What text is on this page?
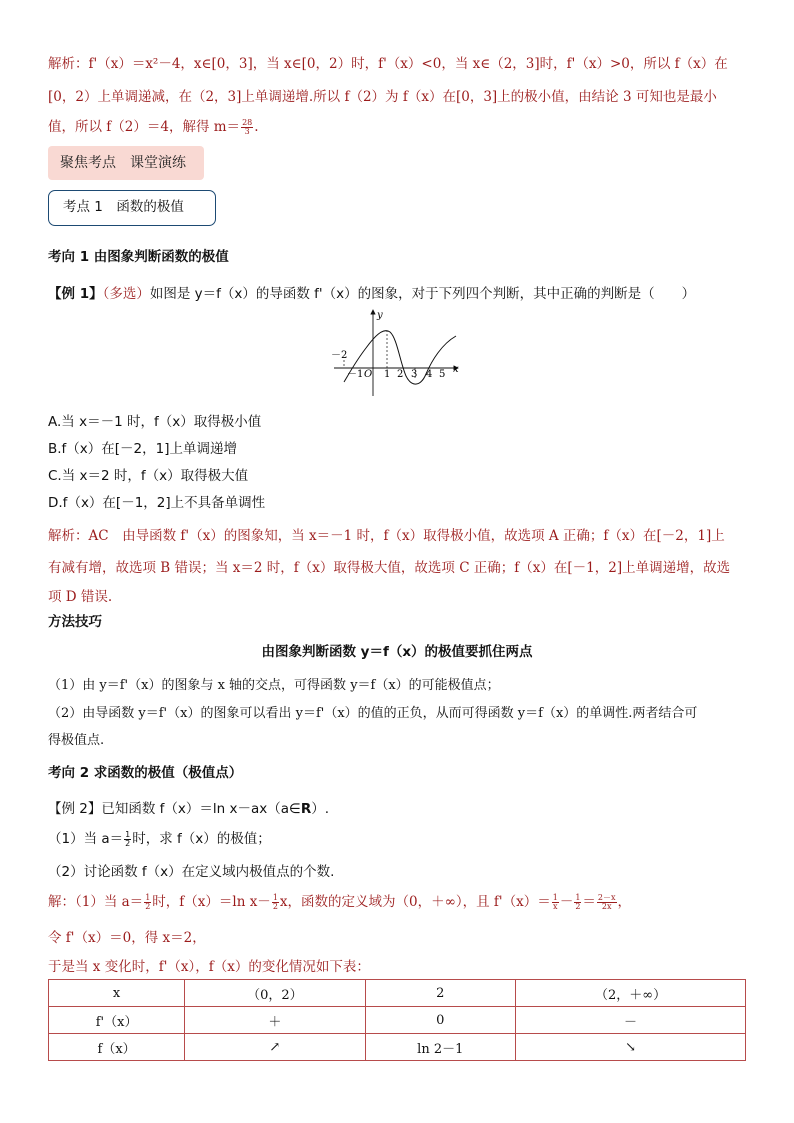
解析：f'（x）＝x²－4，x∈[0，3]，当 x∈[0，2）时，f'（x）<0，当 x∈（2，3]时，f'（x）>0，所以 f（x）在
[0，2）上单调递减，在（2，3]上单调递增.所以 f（2）为 f（x）在[0，3]上的极小值，由结论 3 可知也是最小
值，所以 f（2）＝4，解得 $m= \frac{28}{3}$ .
聚焦考点　课堂演练
考点 1　函数的极值
考向 1 由图象判断函数的极值
【例 1】（多选）如图是 y＝f（x）的导函数 f'（x）的图象，对于下列四个判断，其中正确的判断是（　　）
－2
－1 O 1 2 3 4 5 x
y
A.当 x＝－1 时，f（x）取得极小值
B.f（x）在[－2，1]上单调递增
C.当 x＝2 时，f（x）取得极大值
D.f（x）在[－1，2]上不具备单调性
解析：AC　由导函数 f'（x）的图象知，当 x＝－1 时，f（x）取得极小值，故选项 A 正确；f（x）在[－2，1]上
有减有增，故选项 B 错误；当 x＝2 时，f（x）取得极大值，故选项 C 正确；f（x）在[－1，2]上单调递增，故选
项 D 错误.
方法技巧
由图象判断函数 y＝f（x）的极值要抓住两点
（1）由 y＝f'（x）的图象与 x 轴的交点，可得函数 y＝f（x）的可能极值点；
（2）由导函数 y＝f'（x）的图象可以看出 y＝f'（x）的值的正负，从而可得函数 y＝f（x）的单调性.两者结合可
得极值点.
考向 2 求函数的极值（极值点）
【例 2】已知函数 f（x）＝ln x－ax（a∈R）.
（1）当 $a= \frac{1}{2}$ 时，求 f（x）的极值；
（2）讨论函数 f（x）在定义域内极值点的个数.
解：（1）当 $a= \frac{1}{2}$ 时，f（x）＝ln $x- \frac{1}{2}$ x，函数的定义域为（0，＋∞），且 $f'(x)= \frac{1}{x} - \frac{1}{2} = \frac{2-x}{2x}$ ，
令 f'（x）＝0，得 x＝2，
于是当 x 变化时，f'（x），f（x）的变化情况如下表：
x	（0，2）	2	（2，＋∞）
f'（x）	＋	0	－
f（x）	↗	ln 2－1	↘
